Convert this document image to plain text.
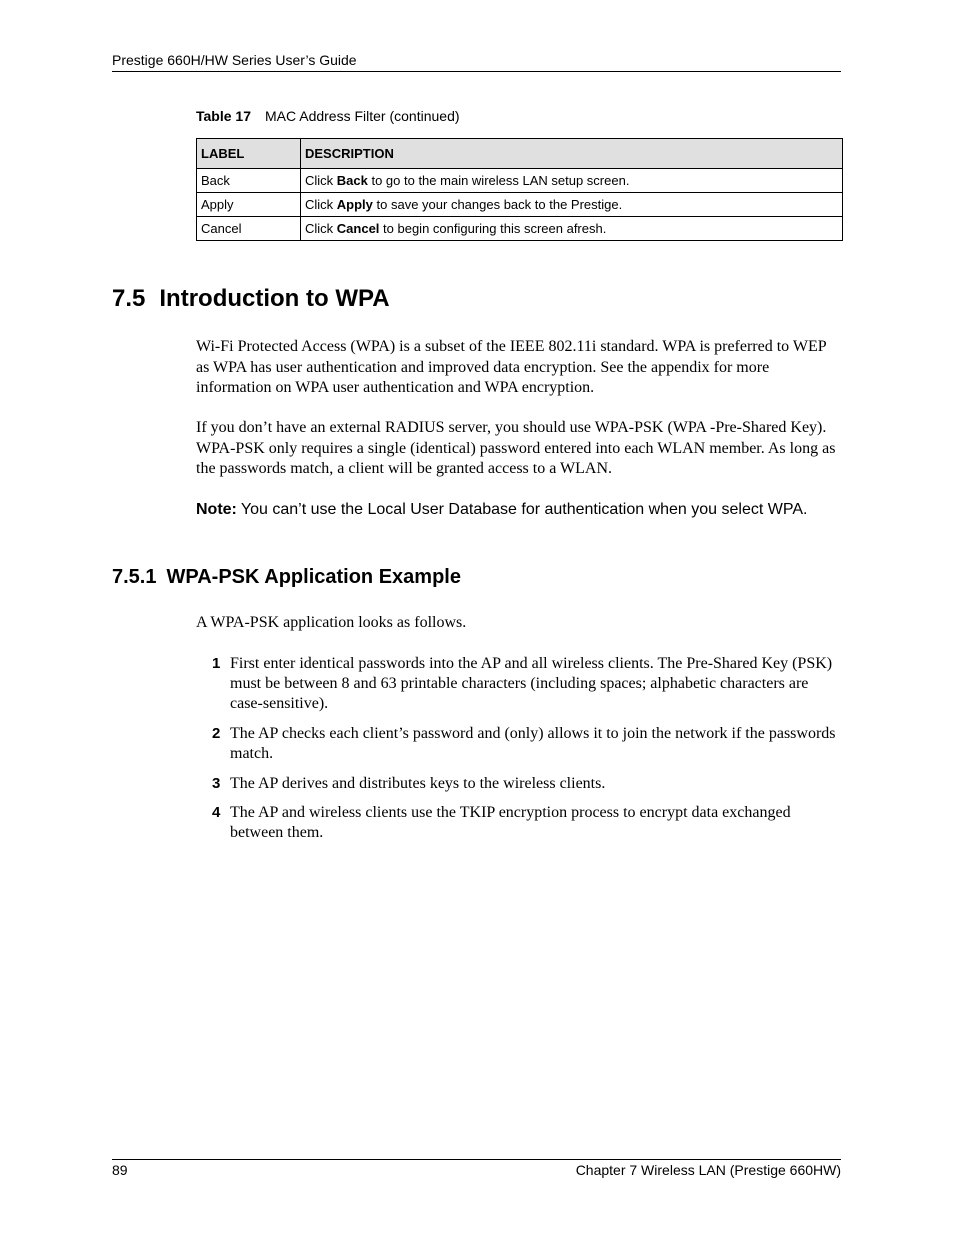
Prestige 660H/HW Series User’s Guide
Table 17 MAC Address Filter (continued)
LABEL	DESCRIPTION
Back	Click Back to go to the main wireless LAN setup screen.
Apply	Click Apply to save your changes back to the Prestige.
Cancel	Click Cancel to begin configuring this screen afresh.
7.5 Introduction to WPA
Wi-Fi Protected Access (WPA) is a subset of the IEEE 802.11i standard. WPA is preferred to WEP as WPA has user authentication and improved data encryption. See the appendix for more information on WPA user authentication and WPA encryption.
If you don’t have an external RADIUS server, you should use WPA-PSK (WPA -Pre-Shared Key). WPA-PSK only requires a single (identical) password entered into each WLAN member. As long as the passwords match, a client will be granted access to a WLAN.
Note: You can’t use the Local User Database for authentication when you select WPA.
7.5.1 WPA-PSK Application Example
A WPA-PSK application looks as follows.
1 First enter identical passwords into the AP and all wireless clients. The Pre-Shared Key (PSK) must be between 8 and 63 printable characters (including spaces; alphabetic characters are case-sensitive).
2 The AP checks each client’s password and (only) allows it to join the network if the passwords match.
3 The AP derives and distributes keys to the wireless clients.
4 The AP and wireless clients use the TKIP encryption process to encrypt data exchanged between them.
89	Chapter 7 Wireless LAN (Prestige 660HW)
